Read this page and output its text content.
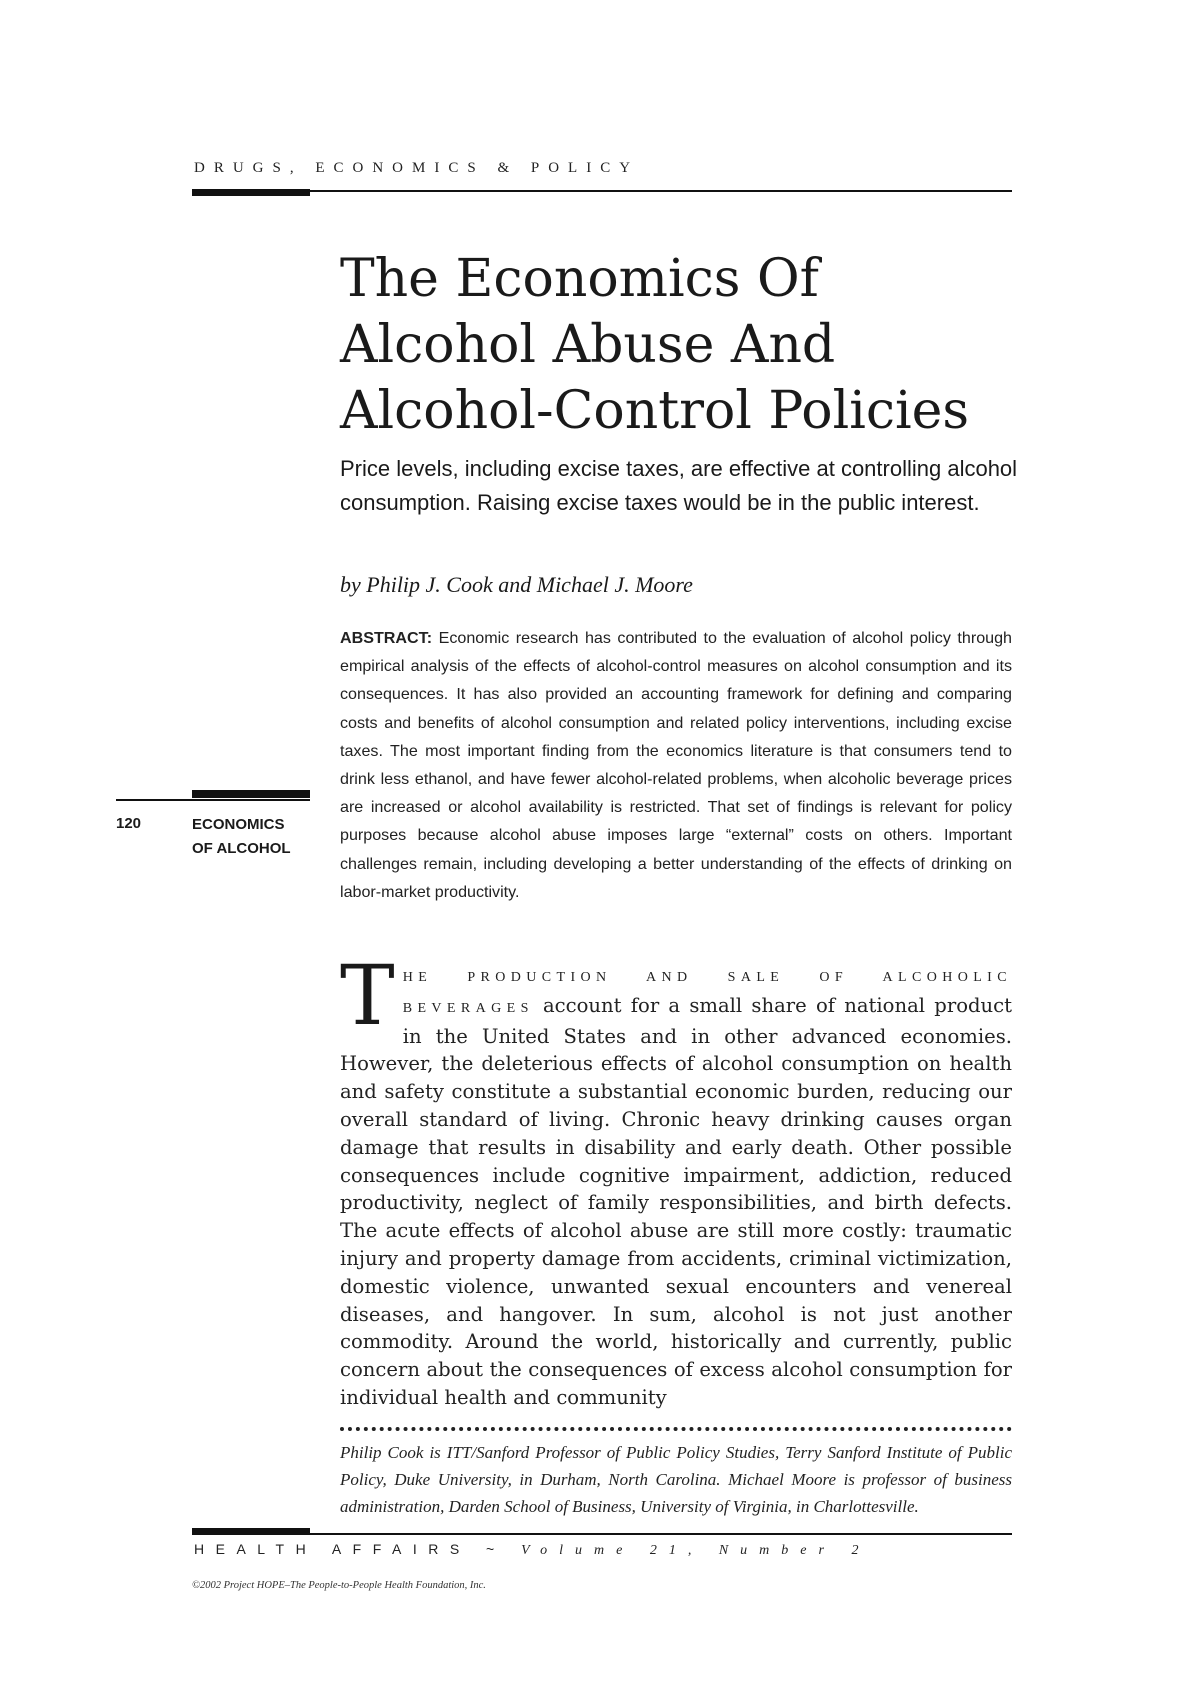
DRUGS, ECONOMICS & POLICY
The Economics Of
Alcohol Abuse And
Alcohol-Control Policies
Price levels, including excise taxes, are effective at controlling alcohol consumption. Raising excise taxes would be in the public interest.
by Philip J. Cook and Michael J. Moore
ABSTRACT: Economic research has contributed to the evaluation of alcohol policy through empirical analysis of the effects of alcohol-control measures on alcohol consumption and its consequences. It has also provided an accounting framework for defining and comparing costs and benefits of alcohol consumption and related policy interventions, including excise taxes. The most important finding from the economics literature is that consumers tend to drink less ethanol, and have fewer alcohol-related problems, when alcoholic beverage prices are increased or alcohol availability is restricted. That set of findings is relevant for policy purposes because alcohol abuse imposes large “external” costs on others. Important challenges remain, including developing a better understanding of the effects of drinking on labor-market productivity.
120	ECONOMICS
OF ALCOHOL
T HE PRODUCTION AND SALE OF ALCOHOLIC BEVERAGES account for a small share of national product in the United States and in other advanced economies. However, the deleterious effects of alcohol consumption on health and safety constitute a substantial economic burden, reducing our overall standard of living. Chronic heavy drinking causes organ damage that results in disability and early death. Other possible consequences include cognitive impairment, addiction, reduced productivity, neglect of family responsibilities, and birth defects. The acute effects of alcohol abuse are still more costly: traumatic injury and property damage from accidents, criminal victimization, domestic violence, unwanted sexual encounters and venereal diseases, and hangover. In sum, alcohol is not just another commodity. Around the world, historically and currently, public concern about the consequences of excess alcohol consumption for individual health and community
Philip Cook is ITT/Sanford Professor of Public Policy Studies, Terry Sanford Institute of Public Policy, Duke University, in Durham, North Carolina. Michael Moore is professor of business administration, Darden School of Business, University of Virginia, in Charlottesville.
HEALTH AFFAIRS ~ Volume 21, Number 2
©2002 Project HOPE–The People-to-People Health Foundation, Inc.
